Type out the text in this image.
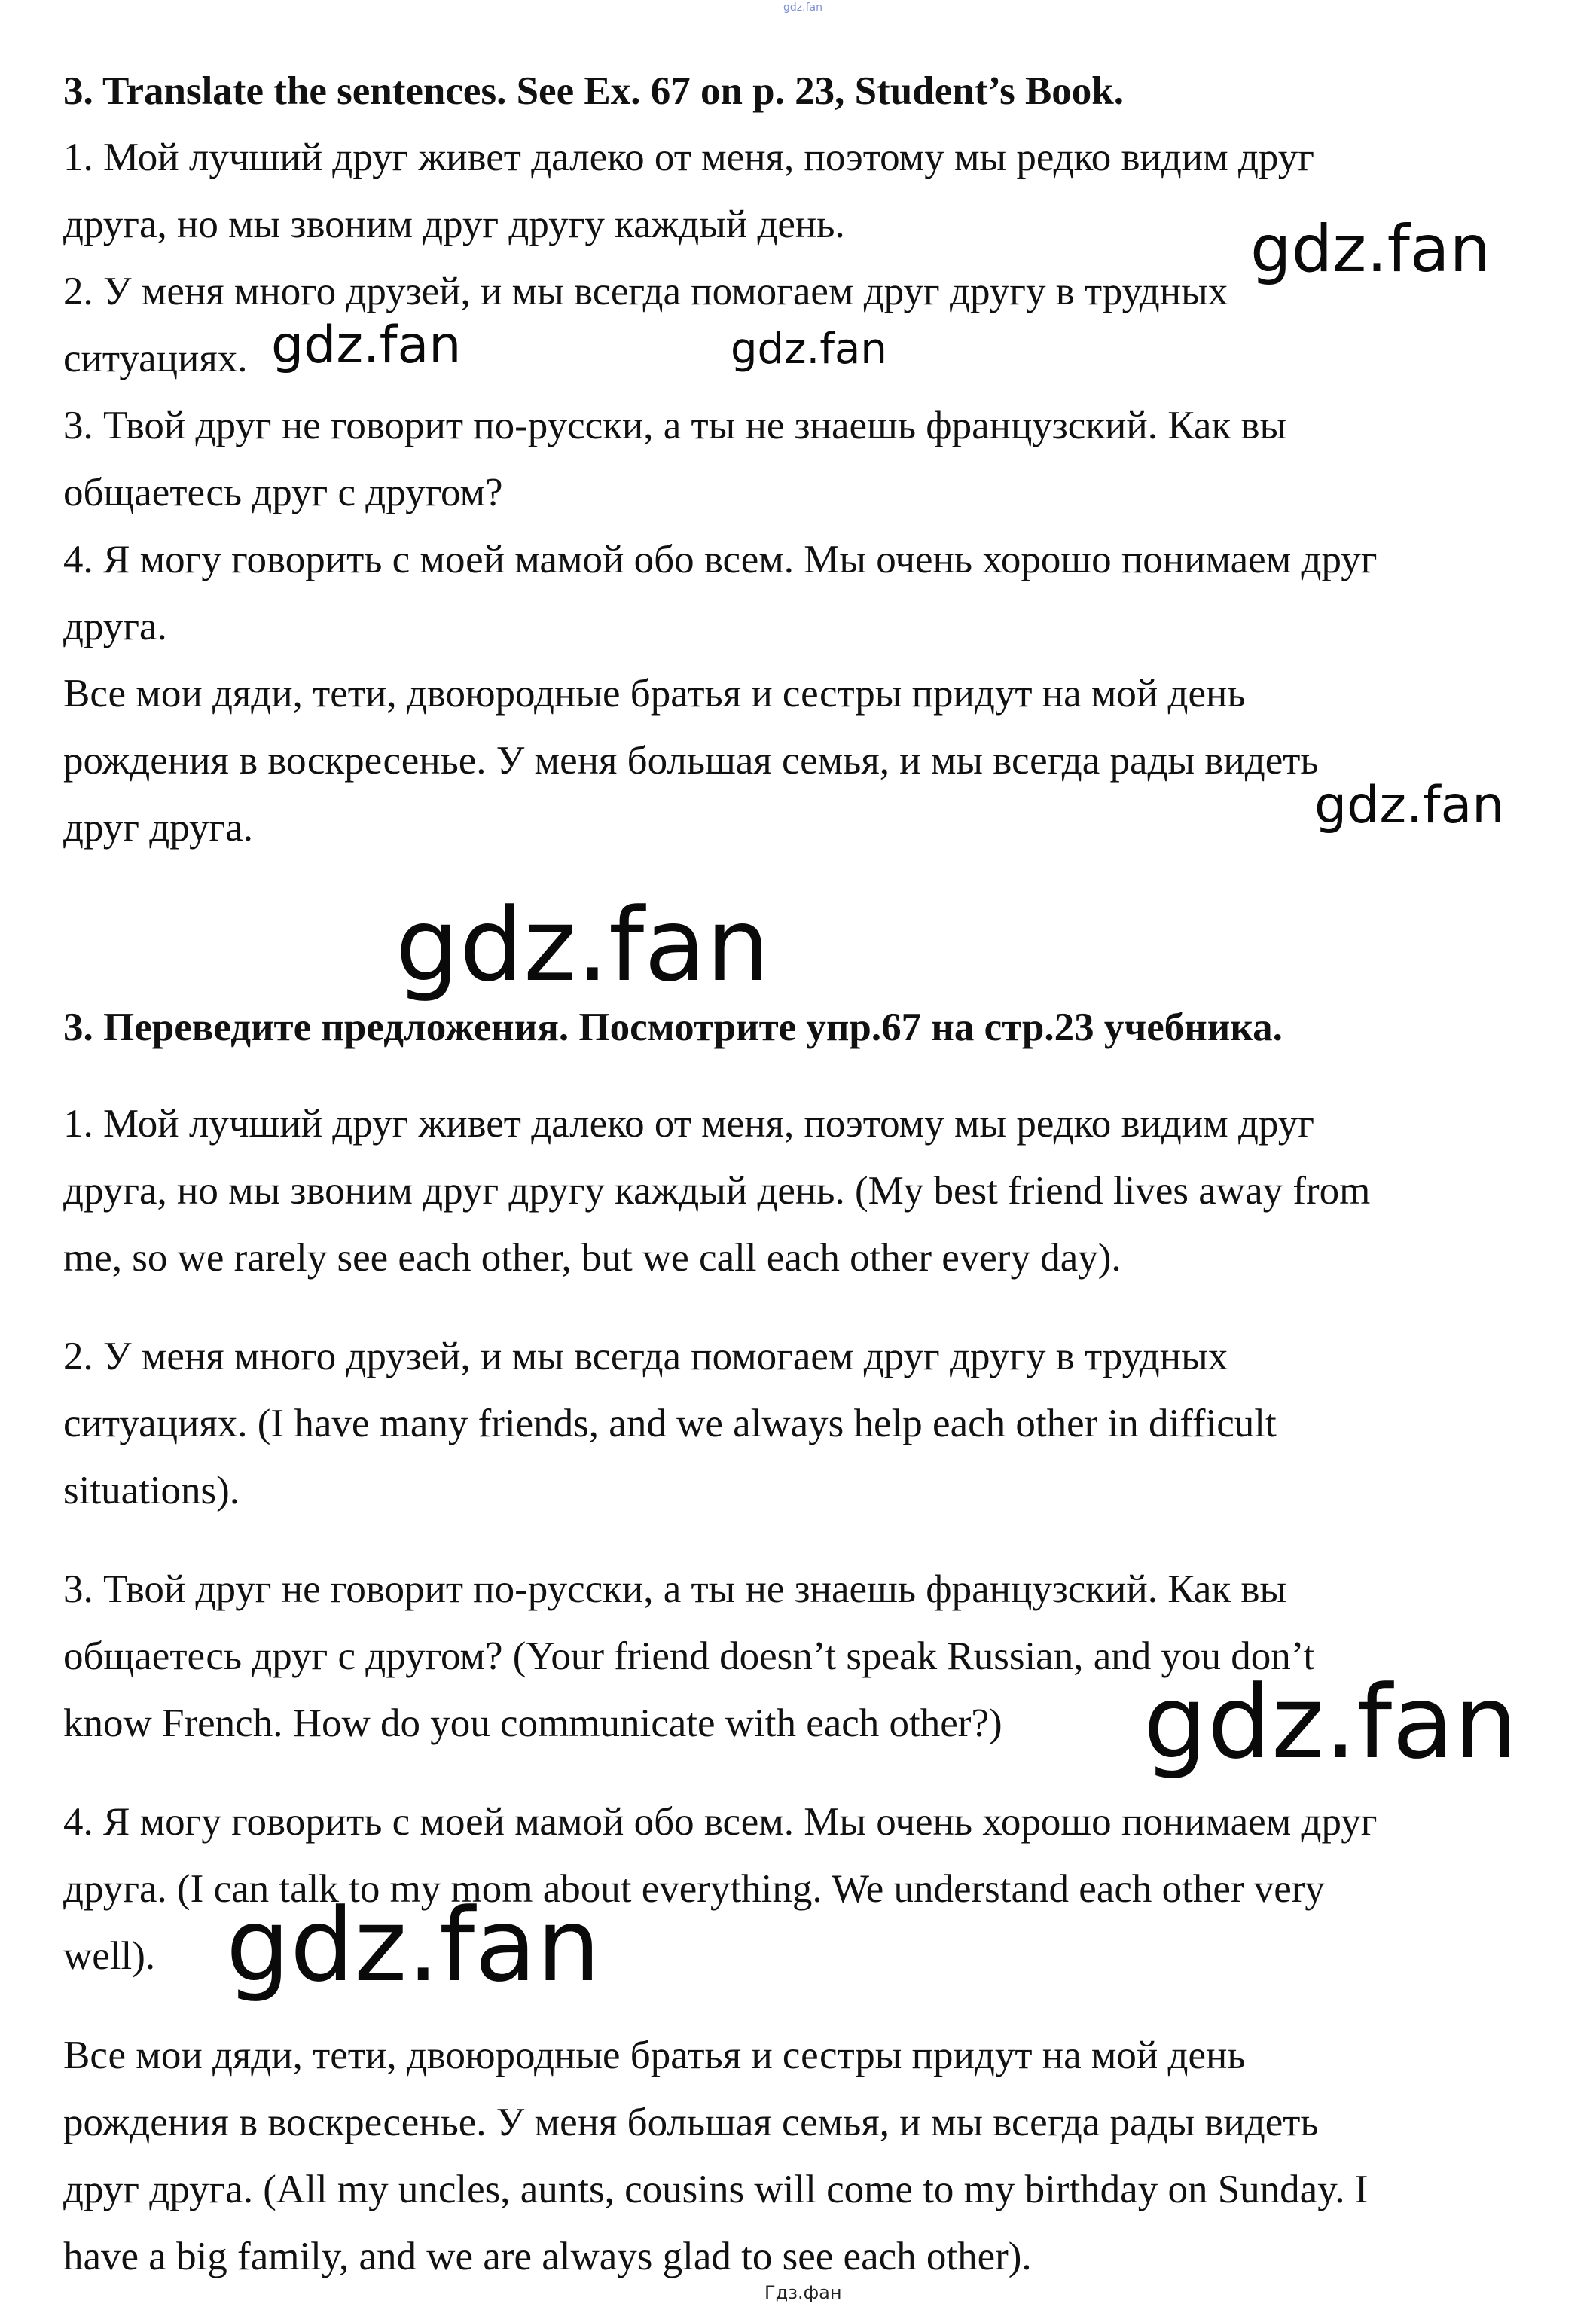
gdz.fan
3. Translate the sentences. See Ex. 67 on p. 23, Student’s Book.
1. Мой лучший друг живет далеко от меня, поэтому мы редко видим друг
друга, но мы звоним друг другу каждый день.
2. У меня много друзей, и мы всегда помогаем друг другу в трудных
ситуациях.
3. Твой друг не говорит по-русски, а ты не знаешь французский. Как вы
общаетесь друг с другом?
4. Я могу говорить с моей мамой обо всем. Мы очень хорошо понимаем друг
друга.
Все мои дяди, тети, двоюродные братья и сестры придут на мой день
рождения в воскресенье. У меня большая семья, и мы всегда рады видеть
друг друга.
3. Переведите предложения. Посмотрите упр.67 на стр.23 учебника.
1. Мой лучший друг живет далеко от меня, поэтому мы редко видим друг
друга, но мы звоним друг другу каждый день. (My best friend lives away from
me, so we rarely see each other, but we call each other every day).
2. У меня много друзей, и мы всегда помогаем друг другу в трудных
ситуациях. (I have many friends, and we always help each other in difficult
situations).
3. Твой друг не говорит по-русски, а ты не знаешь французский. Как вы
общаетесь друг с другом? (Your friend doesn’t speak Russian, and you don’t
know French. How do you communicate with each other?)
4. Я могу говорить с моей мамой обо всем. Мы очень хорошо понимаем друг
друга. (I can talk to my mom about everything. We understand each other very
well).
Все мои дяди, тети, двоюродные братья и сестры придут на мой день
рождения в воскресенье. У меня большая семья, и мы всегда рады видеть
друг друга. (All my uncles, aunts, cousins will come to my birthday on Sunday. I
have a big family, and we are always glad to see each other).
gdz.fan
gdz.fan	gdz.fan
gdz.fan
gdz.fan
gdz.fan
gdz.fan
Гдз.фан
